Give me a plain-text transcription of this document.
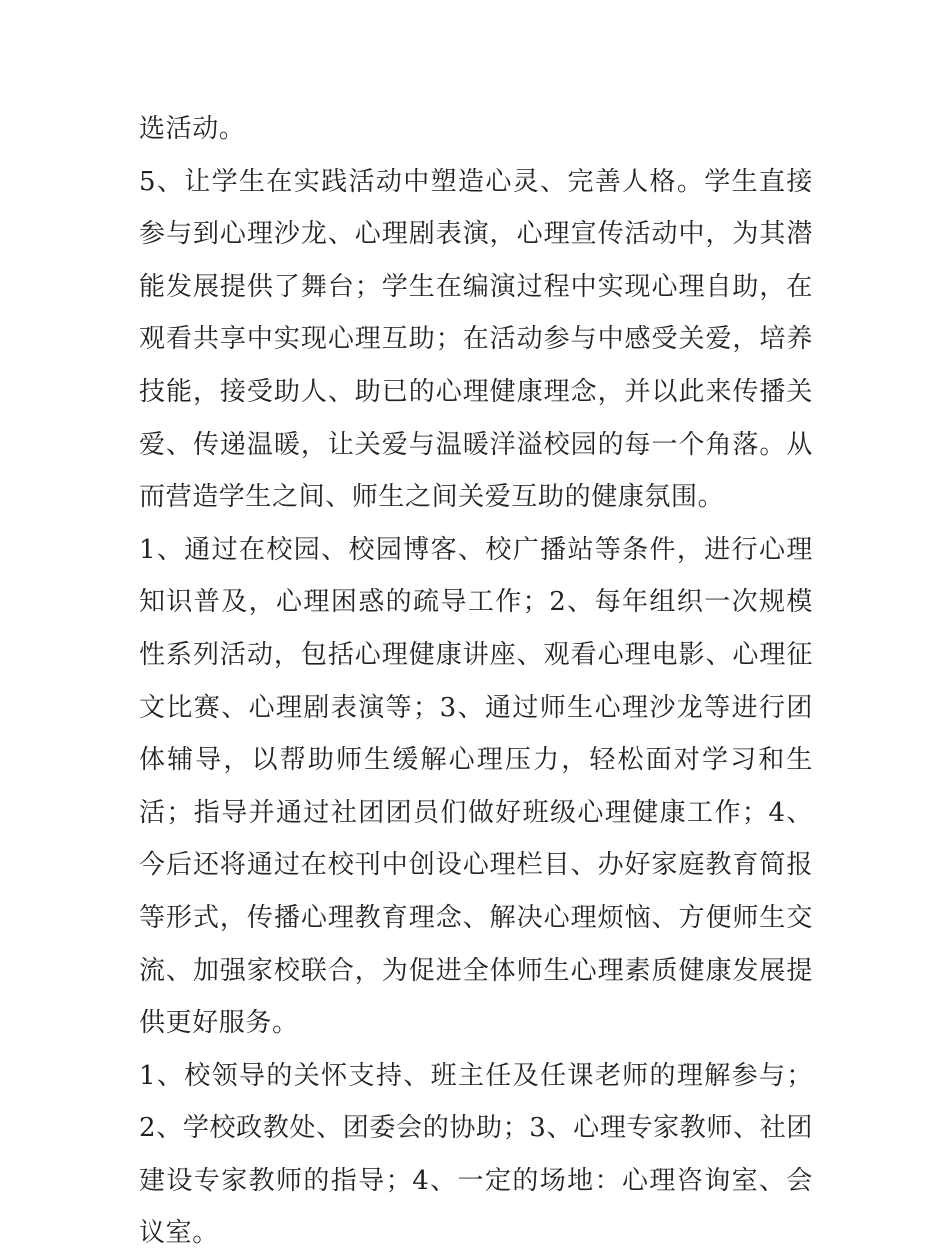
选活动。

5、让学生在实践活动中塑造心灵、完善人格。学生直接参与到心理沙龙、心理剧表演，心理宣传活动中，为其潜能发展提供了舞台；学生在编演过程中实现心理自助，在观看共享中实现心理互助；在活动参与中感受关爱，培养技能，接受助人、助已的心理健康理念，并以此来传播关爱、传递温暖，让关爱与温暖洋溢校园的每一个角落。从而营造学生之间、师生之间关爱互助的健康氛围。

1、通过在校园、校园博客、校广播站等条件，进行心理知识普及，心理困惑的疏导工作；2、每年组织一次规模性系列活动，包括心理健康讲座、观看心理电影、心理征文比赛、心理剧表演等；3、通过师生心理沙龙等进行团体辅导，以帮助师生缓解心理压力，轻松面对学习和生活；指导并通过社团团员们做好班级心理健康工作；4、今后还将通过在校刊中创设心理栏目、办好家庭教育简报等形式，传播心理教育理念、解决心理烦恼、方便师生交流、加强家校联合，为促进全体师生心理素质健康发展提供更好服务。

1、校领导的关怀支持、班主任及任课老师的理解参与；2、学校政教处、团委会的协助；3、心理专家教师、社团建设专家教师的指导；4、一定的场地：心理咨询室、会议室。
